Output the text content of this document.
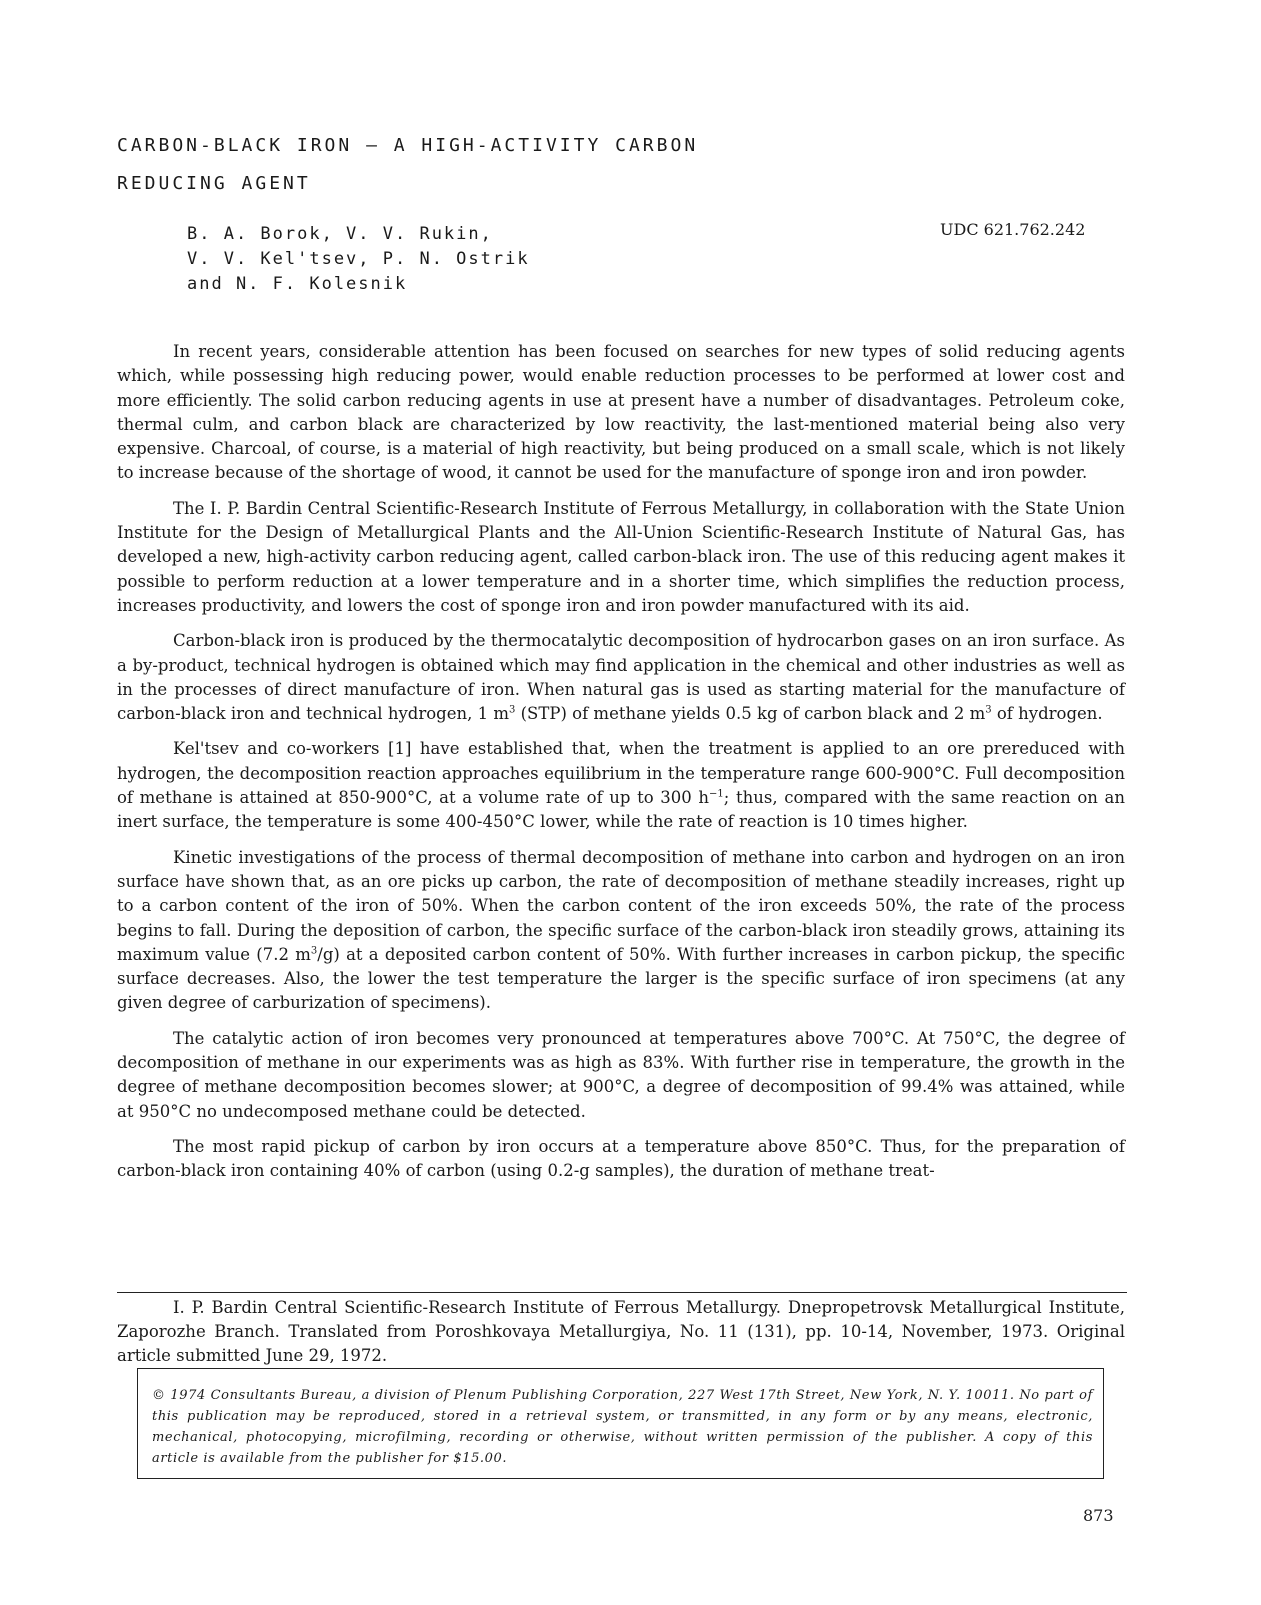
CARBON-BLACK IRON – A HIGH-ACTIVITY CARBON
REDUCING AGENT
B. A. Borok, V. V. Rukin,
V. V. Kel'tsev, P. N. Ostrik
and N. F. Kolesnik
UDC 621.762.242

In recent years, considerable attention has been focused on searches for new types of solid reducing agents which, while possessing high reducing power, would enable reduction processes to be performed at lower cost and more efficiently. The solid carbon reducing agents in use at present have a number of disadvantages. Petroleum coke, thermal culm, and carbon black are characterized by low reactivity, the last-mentioned material being also very expensive. Charcoal, of course, is a material of high reactivity, but being produced on a small scale, which is not likely to increase because of the shortage of wood, it cannot be used for the manufacture of sponge iron and iron powder.

The I. P. Bardin Central Scientific-Research Institute of Ferrous Metallurgy, in collaboration with the State Union Institute for the Design of Metallurgical Plants and the All-Union Scientific-Research Institute of Natural Gas, has developed a new, high-activity carbon reducing agent, called carbon-black iron. The use of this reducing agent makes it possible to perform reduction at a lower temperature and in a shorter time, which simplifies the reduction process, increases productivity, and lowers the cost of sponge iron and iron powder manufactured with its aid.

Carbon-black iron is produced by the thermocatalytic decomposition of hydrocarbon gases on an iron surface. As a by-product, technical hydrogen is obtained which may find application in the chemical and other industries as well as in the processes of direct manufacture of iron. When natural gas is used as starting material for the manufacture of carbon-black iron and technical hydrogen, 1 $m^3$ (STP) of methane yields 0.5 kg of carbon black and 2 $m^3$ of hydrogen.

Kel'tsev and co-workers [1] have established that, when the treatment is applied to an ore prereduced with hydrogen, the decomposition reaction approaches equilibrium in the temperature range 600-900°C. Full decomposition of methane is attained at 850-900°C, at a volume rate of up to 300 $h^{-1}$; thus, compared with the same reaction on an inert surface, the temperature is some 400-450°C lower, while the rate of reaction is 10 times higher.

Kinetic investigations of the process of thermal decomposition of methane into carbon and hydrogen on an iron surface have shown that, as an ore picks up carbon, the rate of decomposition of methane steadily increases, right up to a carbon content of the iron of 50%. When the carbon content of the iron exceeds 50%, the rate of the process begins to fall. During the deposition of carbon, the specific surface of the carbon-black iron steadily grows, attaining its maximum value (7.2 $m^3/g$) at a deposited carbon content of 50%. With further increases in carbon pickup, the specific surface decreases. Also, the lower the test temperature the larger is the specific surface of iron specimens (at any given degree of carburization of specimens).

The catalytic action of iron becomes very pronounced at temperatures above 700°C. At 750°C, the degree of decomposition of methane in our experiments was as high as 83%. With further rise in temperature, the growth in the degree of methane decomposition becomes slower; at 900°C, a degree of decomposition of 99.4% was attained, while at 950°C no undecomposed methane could be detected.

The most rapid pickup of carbon by iron occurs at a temperature above 850°C. Thus, for the preparation of carbon-black iron containing 40% of carbon (using 0.2-g samples), the duration of methane treat-

I. P. Bardin Central Scientific-Research Institute of Ferrous Metallurgy. Dnepropetrovsk Metallurgical Institute, Zaporozhe Branch. Translated from Poroshkovaya Metallurgiya, No. 11 (131), pp. 10-14, November, 1973. Original article submitted June 29, 1972.

© 1974 Consultants Bureau, a division of Plenum Publishing Corporation, 227 West 17th Street, New York, N. Y. 10011. No part of this publication may be reproduced, stored in a retrieval system, or transmitted, in any form or by any means, electronic, mechanical, photocopying, microfilming, recording or otherwise, without written permission of the publisher. A copy of this article is available from the publisher for $15.00.
873
